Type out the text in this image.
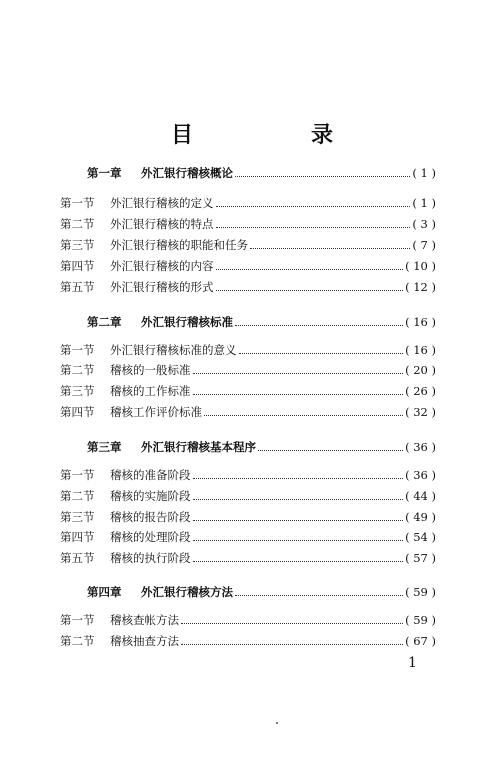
目　录
第一章	外汇银行稽核概论	( 1 )
第一节	外汇银行稽核的定义	( 1 )
第二节	外汇银行稽核的特点	( 3 )
第三节	外汇银行稽核的职能和任务	( 7 )
第四节	外汇银行稽核的内容	( 10 )
第五节	外汇银行稽核的形式	( 12 )
第二章	外汇银行稽核标准	( 16 )
第一节	外汇银行稽核标准的意义	( 16 )
第二节	稽核的一般标准	( 20 )
第三节	稽核的工作标准	( 26 )
第四节	稽核工作评价标准	( 32 )
第三章	外汇银行稽核基本程序	( 36 )
第一节	稽核的准备阶段	( 36 )
第二节	稽核的实施阶段	( 44 )
第三节	稽核的报告阶段	( 49 )
第四节	稽核的处理阶段	( 54 )
第五节	稽核的执行阶段	( 57 )
第四章	外汇银行稽核方法	( 59 )
第一节	稽核查帐方法	( 59 )
第二节	稽核抽查方法	( 67 )
1
